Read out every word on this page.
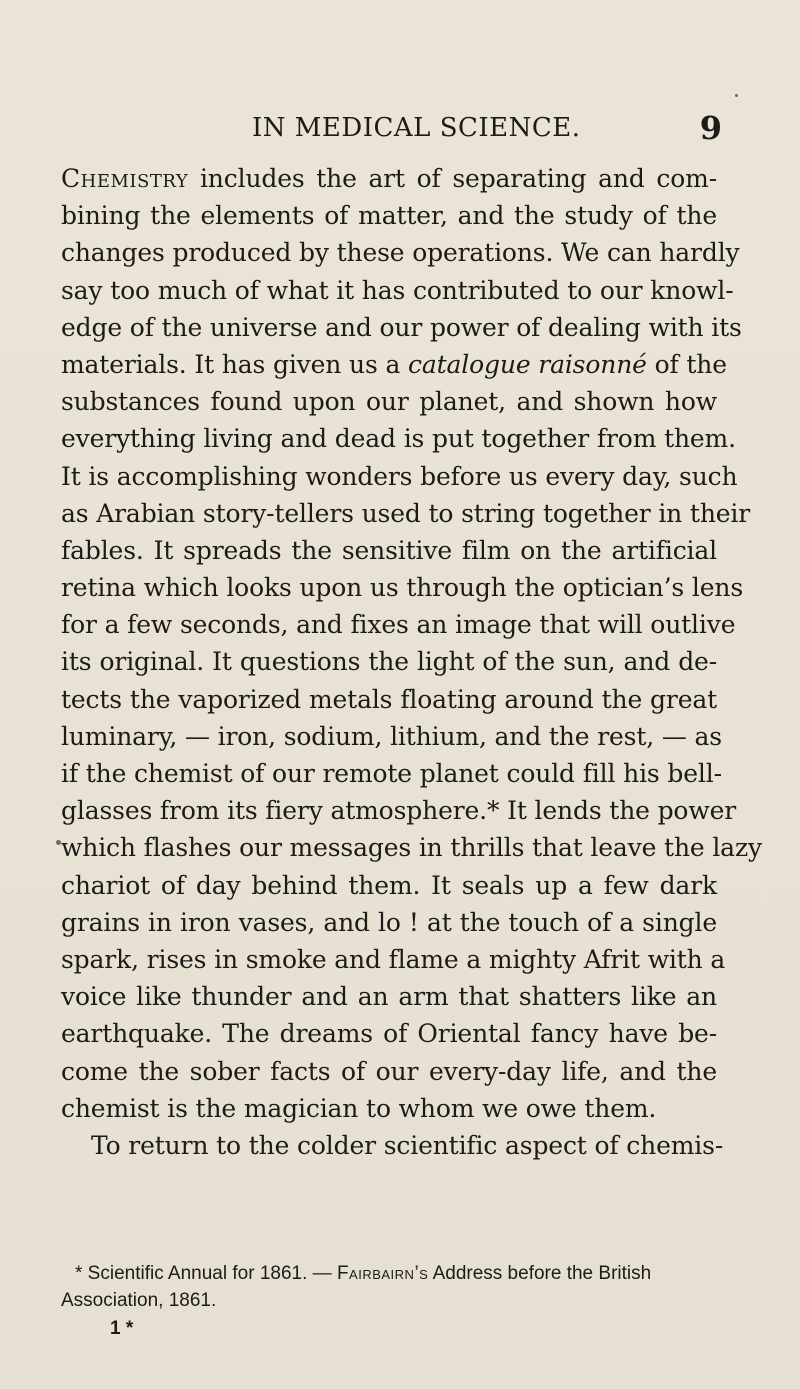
IN MEDICAL SCIENCE.	9
Chemistry includes the art of separating and com-
bining the elements of matter, and the study of the
changes produced by these operations. We can hardly
say too much of what it has contributed to our knowl-
edge of the universe and our power of dealing with its
materials. It has given us a catalogue raisonné of the
substances found upon our planet, and shown how
everything living and dead is put together from them.
It is accomplishing wonders before us every day, such
as Arabian story-tellers used to string together in their
fables. It spreads the sensitive film on the artificial
retina which looks upon us through the optician’s lens
for a few seconds, and fixes an image that will outlive
its original. It questions the light of the sun, and de-
tects the vaporized metals floating around the great
luminary, — iron, sodium, lithium, and the rest, — as
if the chemist of our remote planet could fill his bell-
glasses from its fiery atmosphere.* It lends the power
which flashes our messages in thrills that leave the lazy
chariot of day behind them. It seals up a few dark
grains in iron vases, and lo ! at the touch of a single
spark, rises in smoke and flame a mighty Afrit with a
voice like thunder and an arm that shatters like an
earthquake. The dreams of Oriental fancy have be-
come the sober facts of our every-day life, and the
chemist is the magician to whom we owe them.
To return to the colder scientific aspect of chemis-
* Scientific Annual for 1861. — Fairbairn’s Address before the British
Association, 1861.
1 *
